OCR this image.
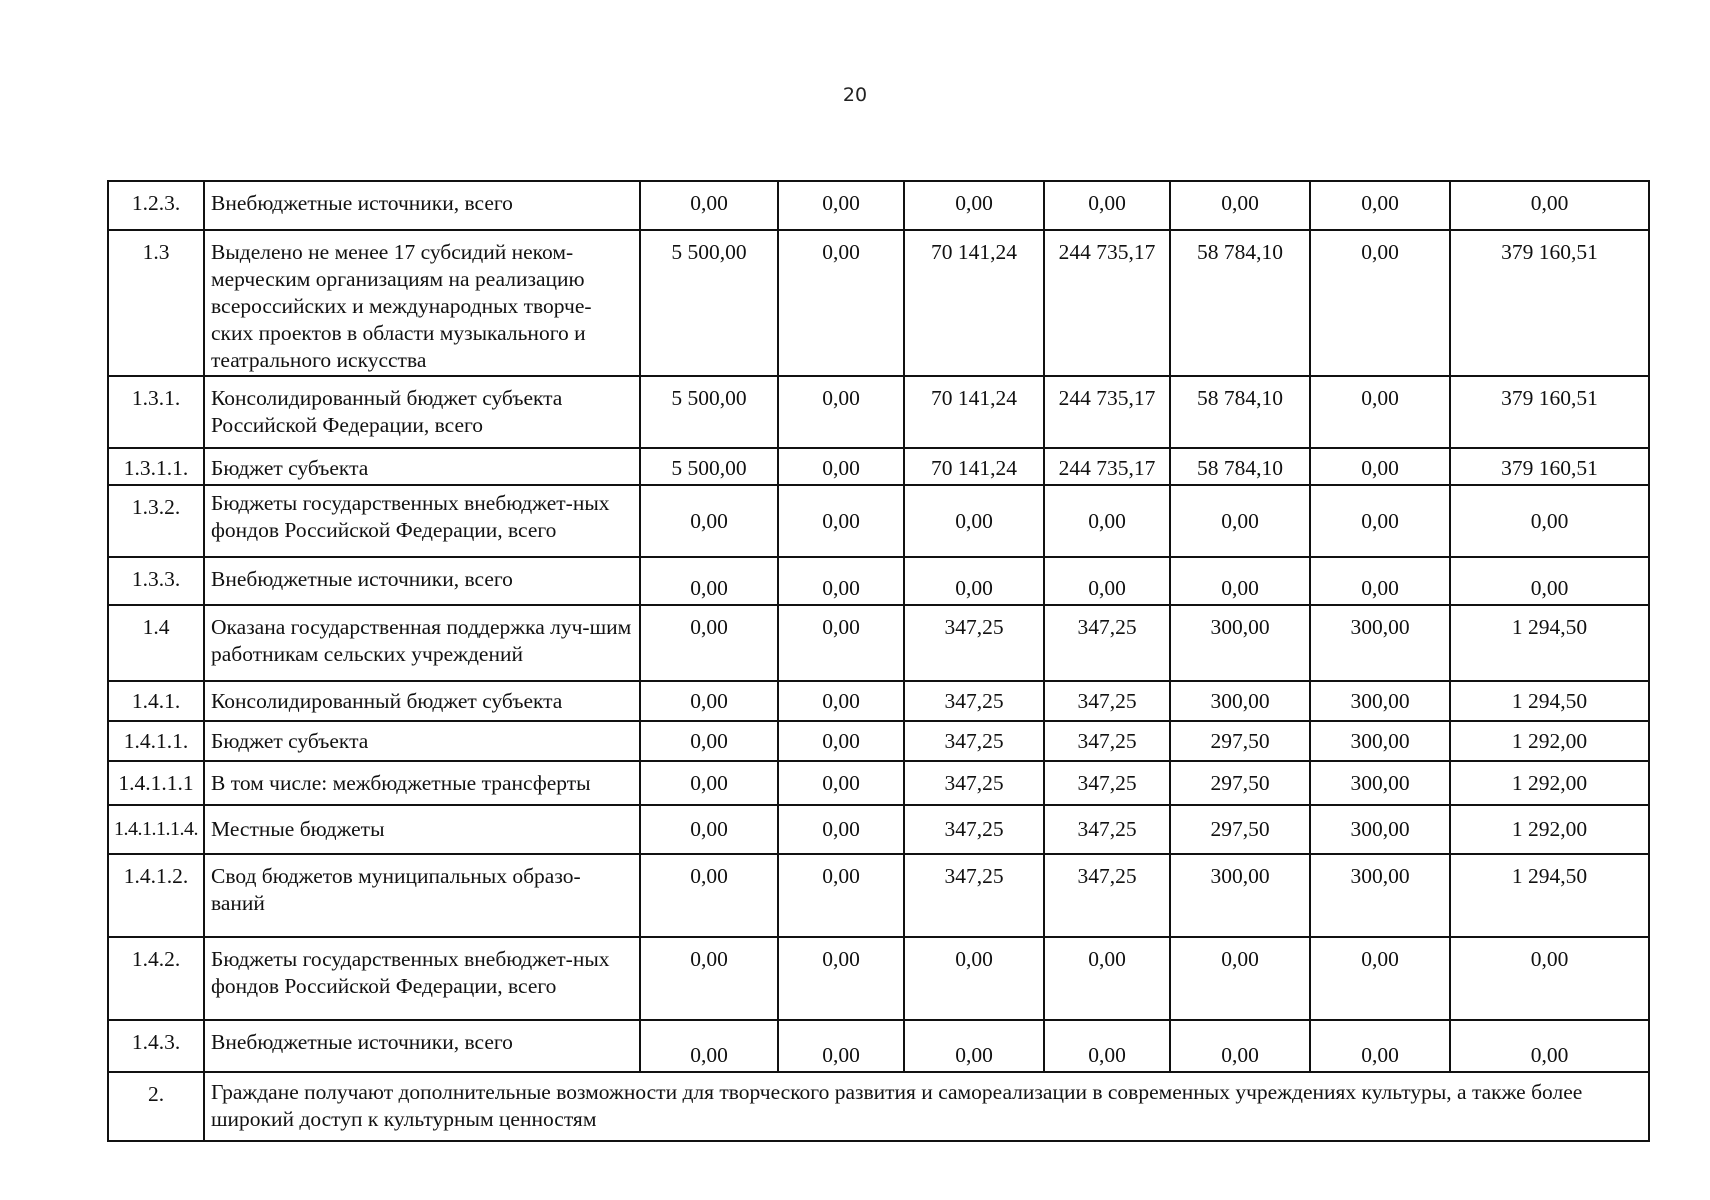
20
1.2.3.	Внебюджетные источники, всего	0,00	0,00	0,00	0,00	0,00	0,00	0,00
1.3	Выделено не менее 17 субсидий неком-мерческим организациям на реализацию всероссийских и международных творче-ских проектов в области музыкального и театрального искусства	5 500,00	0,00	70 141,24	244 735,17	58 784,10	0,00	379 160,51
1.3.1.	Консолидированный бюджет субъекта Российской Федерации, всего	5 500,00	0,00	70 141,24	244 735,17	58 784,10	0,00	379 160,51
1.3.1.1.	Бюджет субъекта	5 500,00	0,00	70 141,24	244 735,17	58 784,10	0,00	379 160,51
1.3.2.	Бюджеты государственных внебюджет-ных фондов Российской Федерации, всего	0,00	0,00	0,00	0,00	0,00	0,00	0,00
1.3.3.	Внебюджетные источники, всего	0,00	0,00	0,00	0,00	0,00	0,00	0,00
1.4	Оказана государственная поддержка луч-шим работникам сельских учреждений	0,00	0,00	347,25	347,25	300,00	300,00	1 294,50
1.4.1.	Консолидированный бюджет субъекта	0,00	0,00	347,25	347,25	300,00	300,00	1 294,50
1.4.1.1.	Бюджет субъекта	0,00	0,00	347,25	347,25	297,50	300,00	1 292,00
1.4.1.1.1	В том числе: межбюджетные трансферты	0,00	0,00	347,25	347,25	297,50	300,00	1 292,00
1.4.1.1.1.4.	Местные бюджеты	0,00	0,00	347,25	347,25	297,50	300,00	1 292,00
1.4.1.2.	Свод бюджетов муниципальных образо-ваний	0,00	0,00	347,25	347,25	300,00	300,00	1 294,50
1.4.2.	Бюджеты государственных внебюджет-ных фондов Российской Федерации, всего	0,00	0,00	0,00	0,00	0,00	0,00	0,00
1.4.3.	Внебюджетные источники, всего	0,00	0,00	0,00	0,00	0,00	0,00	0,00
2.	Граждане получают дополнительные возможности для творческого развития и самореализации в современных учреждениях культуры, а также более широкий доступ к культурным ценностям							
